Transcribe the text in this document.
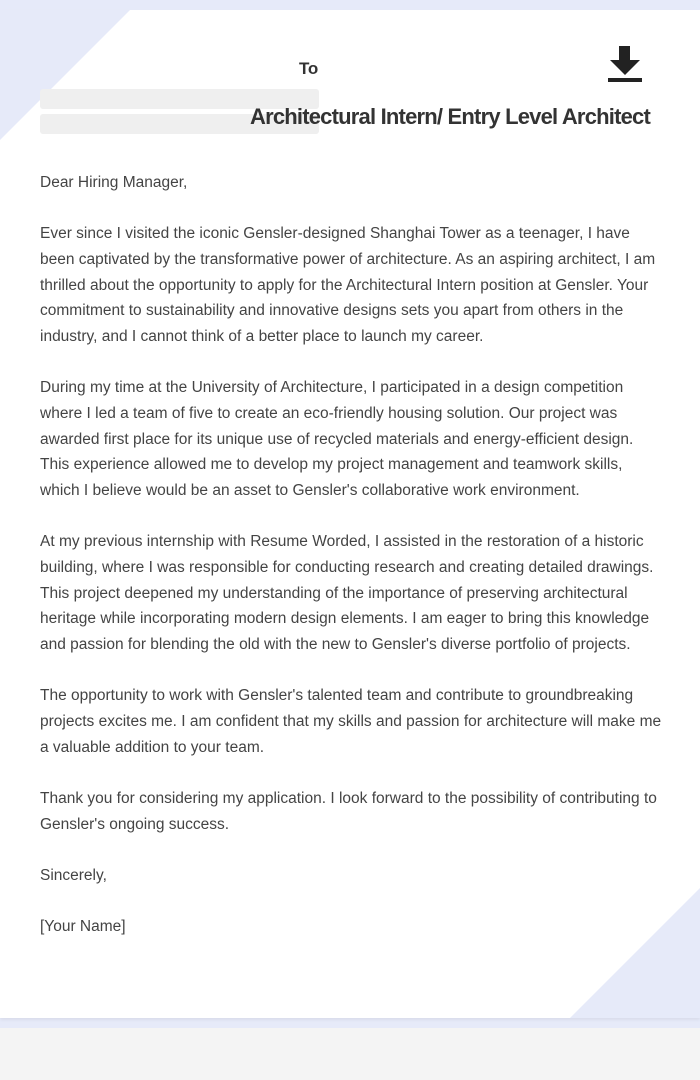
To
Architectural Intern/ Entry Level Architect

Dear Hiring Manager,

Ever since I visited the iconic Gensler-designed Shanghai Tower as a teenager, I have been captivated by the transformative power of architecture. As an aspiring architect, I am thrilled about the opportunity to apply for the Architectural Intern position at Gensler. Your commitment to sustainability and innovative designs sets you apart from others in the industry, and I cannot think of a better place to launch my career.

During my time at the University of Architecture, I participated in a design competition where I led a team of five to create an eco-friendly housing solution. Our project was awarded first place for its unique use of recycled materials and energy-efficient design. This experience allowed me to develop my project management and teamwork skills, which I believe would be an asset to Gensler's collaborative work environment.

At my previous internship with Resume Worded, I assisted in the restoration of a historic building, where I was responsible for conducting research and creating detailed drawings. This project deepened my understanding of the importance of preserving architectural heritage while incorporating modern design elements. I am eager to bring this knowledge and passion for blending the old with the new to Gensler's diverse portfolio of projects.

The opportunity to work with Gensler's talented team and contribute to groundbreaking projects excites me. I am confident that my skills and passion for architecture will make me a valuable addition to your team.

Thank you for considering my application. I look forward to the possibility of contributing to Gensler's ongoing success.

Sincerely,

[Your Name]
